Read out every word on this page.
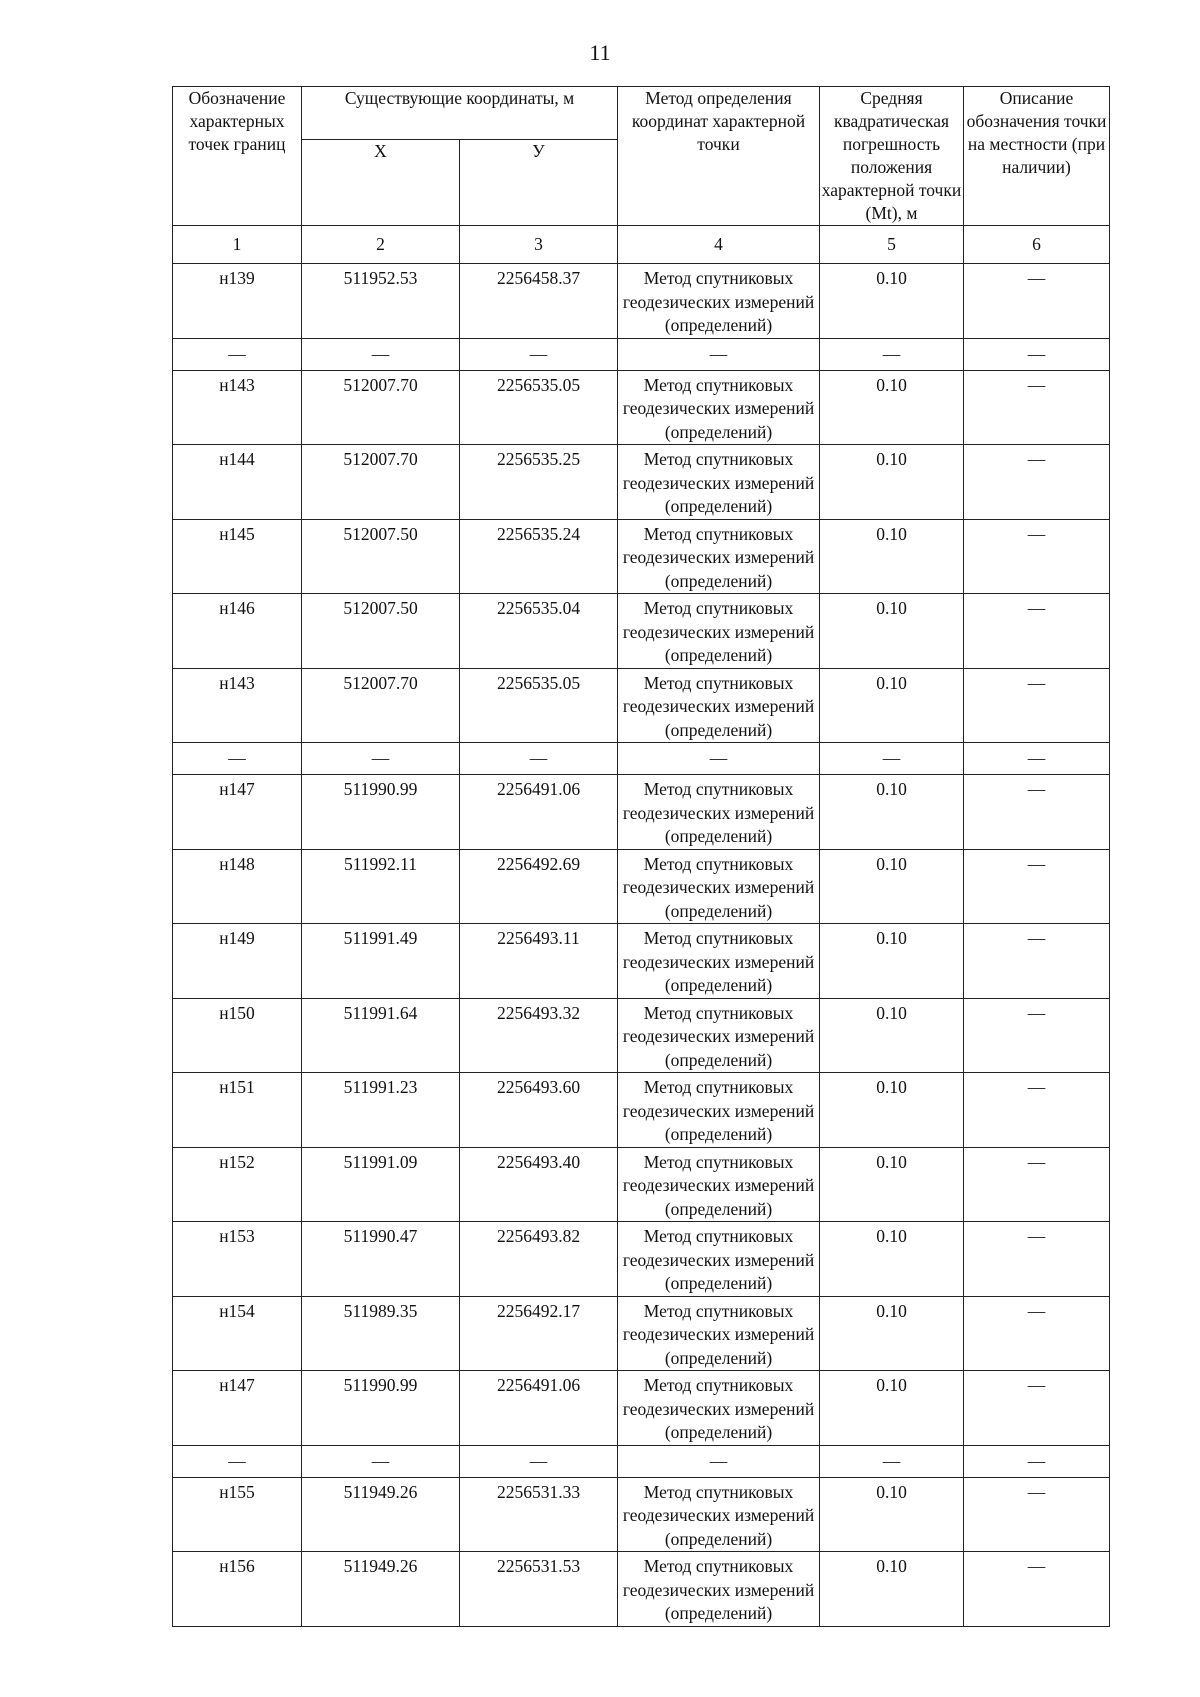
11
Обозначение характерных точек границ	Существующие координаты, м		Метод определения координат характерной точки	Средняя квадратическая погрешность положения характерной точки (Mt), м	Описание обозначения точки на местности (при наличии)
	X	У			
1	2	3	4	5	6
н139	511952.53	2256458.37	Метод спутниковых геодезических измерений (определений)	0.10	—
—	—	—	—	—	—
н143	512007.70	2256535.05	Метод спутниковых геодезических измерений (определений)	0.10	—
н144	512007.70	2256535.25	Метод спутниковых геодезических измерений (определений)	0.10	—
н145	512007.50	2256535.24	Метод спутниковых геодезических измерений (определений)	0.10	—
н146	512007.50	2256535.04	Метод спутниковых геодезических измерений (определений)	0.10	—
н143	512007.70	2256535.05	Метод спутниковых геодезических измерений (определений)	0.10	—
—	—	—	—	—	—
н147	511990.99	2256491.06	Метод спутниковых геодезических измерений (определений)	0.10	—
н148	511992.11	2256492.69	Метод спутниковых геодезических измерений (определений)	0.10	—
н149	511991.49	2256493.11	Метод спутниковых геодезических измерений (определений)	0.10	—
н150	511991.64	2256493.32	Метод спутниковых геодезических измерений (определений)	0.10	—
н151	511991.23	2256493.60	Метод спутниковых геодезических измерений (определений)	0.10	—
н152	511991.09	2256493.40	Метод спутниковых геодезических измерений (определений)	0.10	—
н153	511990.47	2256493.82	Метод спутниковых геодезических измерений (определений)	0.10	—
н154	511989.35	2256492.17	Метод спутниковых геодезических измерений (определений)	0.10	—
н147	511990.99	2256491.06	Метод спутниковых геодезических измерений (определений)	0.10	—
—	—	—	—	—	—
н155	511949.26	2256531.33	Метод спутниковых геодезических измерений (определений)	0.10	—
н156	511949.26	2256531.53	Метод спутниковых геодезических измерений (определений)	0.10	—
